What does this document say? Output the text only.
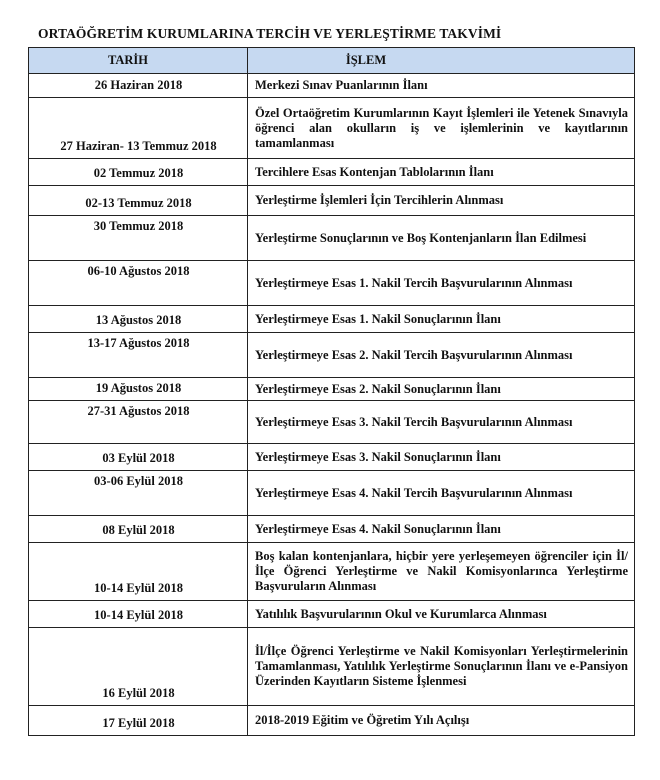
ORTAÖĞRETİM KURUMLARINA TERCİH VE YERLEŞTİRME TAKVİMİ
TARİH	İŞLEM
26 Haziran 2018	Merkezi Sınav Puanlarının İlanı
27 Haziran- 13 Temmuz 2018	Özel Ortaöğretim Kurumlarının Kayıt İşlemleri ile Yetenek Sınavıyla öğrenci alan okulların iş ve işlemlerinin ve kayıtlarının tamamlanması
02 Temmuz 2018	Tercihlere Esas Kontenjan Tablolarının İlanı
02-13 Temmuz 2018	Yerleştirme İşlemleri İçin Tercihlerin Alınması
30 Temmuz 2018	Yerleştirme Sonuçlarının ve Boş Kontenjanların İlan Edilmesi
06-10 Ağustos 2018	Yerleştirmeye Esas 1. Nakil Tercih Başvurularının Alınması
13 Ağustos 2018	Yerleştirmeye Esas 1. Nakil Sonuçlarının İlanı
13-17 Ağustos 2018	Yerleştirmeye Esas 2. Nakil Tercih Başvurularının Alınması
19 Ağustos 2018	Yerleştirmeye Esas 2. Nakil Sonuçlarının İlanı
27-31 Ağustos 2018	Yerleştirmeye Esas 3. Nakil Tercih Başvurularının Alınması
03 Eylül 2018	Yerleştirmeye Esas 3. Nakil Sonuçlarının İlanı
03-06 Eylül 2018	Yerleştirmeye Esas 4. Nakil Tercih Başvurularının Alınması
08 Eylül 2018	Yerleştirmeye Esas 4. Nakil Sonuçlarının İlanı
10-14 Eylül 2018	Boş kalan kontenjanlara, hiçbir yere yerleşemeyen öğrenciler için İl/İlçe Öğrenci Yerleştirme ve Nakil Komisyonlarınca Yerleştirme Başvuruların Alınması
10-14 Eylül 2018	Yatılılık Başvurularının Okul ve Kurumlarca Alınması
16 Eylül 2018	İl/İlçe Öğrenci Yerleştirme ve Nakil Komisyonları Yerleştirmelerinin Tamamlanması, Yatılılık Yerleştirme Sonuçlarının İlanı ve e-Pansiyon Üzerinden Kayıtların Sisteme İşlenmesi
17 Eylül 2018	2018-2019 Eğitim ve Öğretim Yılı Açılışı
